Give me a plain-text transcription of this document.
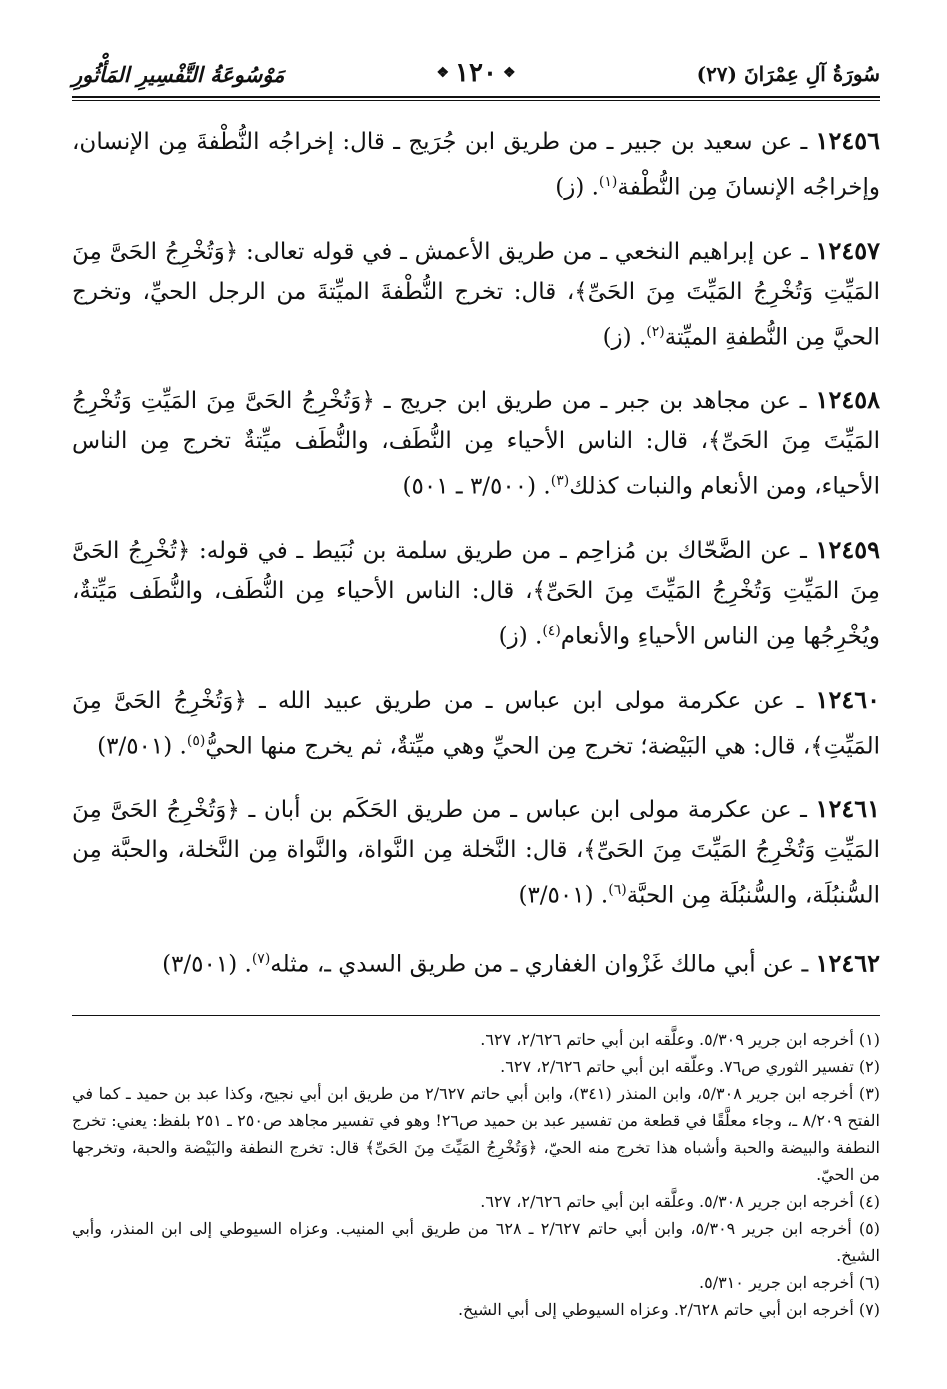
سُورَةُ آلِ عِمْرَانَ (٢٧)
مَوْسُوعَةُ التَّفْسِيرِ المَأْثُورِ	❖
١٢٠
❖

١٢٤٥٦ ـ عن سعيد بن جبير ـ من طريق ابن جُرَيج ـ قال: إخراجُه النُّطْفةَ مِن الإنسان، وإخراجُه الإنسانَ مِن النُّطْفة$^{(١)}$. (ز)

١٢٤٥٧ ـ عن إبراهيم النخعي ـ من طريق الأعمش ـ في قوله تعالى: ﴿وَتُخْرِجُ الحَىَّ مِنَ المَيِّتِ وَتُخْرِجُ المَيِّتَ مِنَ الحَىِّ﴾، قال: تخرج النُّطْفةَ الميِّتةَ من الرجل الحيِّ، وتخرج الحيَّ مِن النُّطفةِ الميِّتة$^{(٢)}$. (ز)

١٢٤٥٨ ـ عن مجاهد بن جبر ـ من طريق ابن جريج ـ ﴿وَتُخْرِجُ الحَىَّ مِنَ المَيِّتِ وَتُخْرِجُ المَيِّتَ مِنَ الحَىِّ﴾، قال: الناس الأحياء مِن النُّطَف، والنُّطَف ميِّتةٌ تخرج مِن الناس الأحياء، ومن الأنعام والنبات كذلك$^{(٣)}$. (٣/٥٠٠ ـ ٥٠١)

١٢٤٥٩ ـ عن الضَّحّاك بن مُزاحِم ـ من طريق سلمة بن نُبَيط ـ في قوله: ﴿تُخْرِجُ الحَىَّ مِنَ المَيِّتِ وَتُخْرِجُ المَيِّتَ مِنَ الحَىِّ﴾، قال: الناس الأحياء مِن النُّطَف، والنُّطَف مَيِّتةٌ، ويُخْرِجُها مِن الناس الأحياءِ والأنعام$^{(٤)}$. (ز)

١٢٤٦٠ ـ عن عكرمة مولى ابن عباس ـ من طريق عبيد الله ـ ﴿وَتُخْرِجُ الحَىَّ مِنَ المَيِّتِ﴾، قال: هي البَيْضة؛ تخرج مِن الحيِّ وهي ميِّتةٌ، ثم يخرج منها الحيُّ$^{(٥)}$. (٣/٥٠١)

١٢٤٦١ ـ عن عكرمة مولى ابن عباس ـ من طريق الحَكَم بن أبان ـ ﴿وَتُخْرِجُ الحَىَّ مِنَ المَيِّتِ وَتُخْرِجُ المَيِّتَ مِنَ الحَىِّ﴾، قال: النَّخلة مِن النَّواة، والنَّواة مِن النَّخلة، والحبَّة مِن السُّنبُلَة، والسُّنبُلَة مِن الحبَّة$^{(٦)}$. (٣/٥٠١)

١٢٤٦٢ ـ عن أبي مالك غَزْوان الغفاري ـ من طريق السدي ـ، مثله$^{(٧)}$. (٣/٥٠١)

(١) أخرجه ابن جرير ٥/٣٠٩. وعلَّقه ابن أبي حاتم ٢/٦٢٦، ٦٢٧.

(٢) تفسير الثوري ص٧٦. وعلّقه ابن أبي حاتم ٢/٦٢٦، ٦٢٧.

(٣) أخرجه ابن جرير ٥/٣٠٨، وابن المنذر (٣٤١)، وابن أبي حاتم ٢/٦٢٧ من طريق ابن أبي نجيح، وكذا عبد بن حميد ـ كما في الفتح ٨/٢٠٩ ـ، وجاء معلَّقًا في قطعة من تفسير عبد بن حميد ص٢٦! وهو في تفسير مجاهد ص٢٥٠ ـ ٢٥١ بلفظ: يعني: تخرج النطفة والبيضة والحبة وأشباه هذا تخرج منه الحيّ، ﴿وَتُخْرِجُ المَيِّتَ مِنَ الحَىِّ﴾ قال: تخرج النطفة والبَيْضة والحبة، وتخرجها من الحيّ.

(٤) أخرجه ابن جرير ٥/٣٠٨. وعلَّقه ابن أبي حاتم ٢/٦٢٦، ٦٢٧.

(٥) أخرجه ابن جرير ٥/٣٠٩، وابن أبي حاتم ٢/٦٢٧ ـ ٦٢٨ من طريق أبي المنيب. وعزاه السيوطي إلى ابن المنذر، وأبي الشيخ.

(٦) أخرجه ابن جرير ٥/٣١٠.

(٧) أخرجه ابن أبي حاتم ٢/٦٢٨. وعزاه السيوطي إلى أبي الشيخ.
